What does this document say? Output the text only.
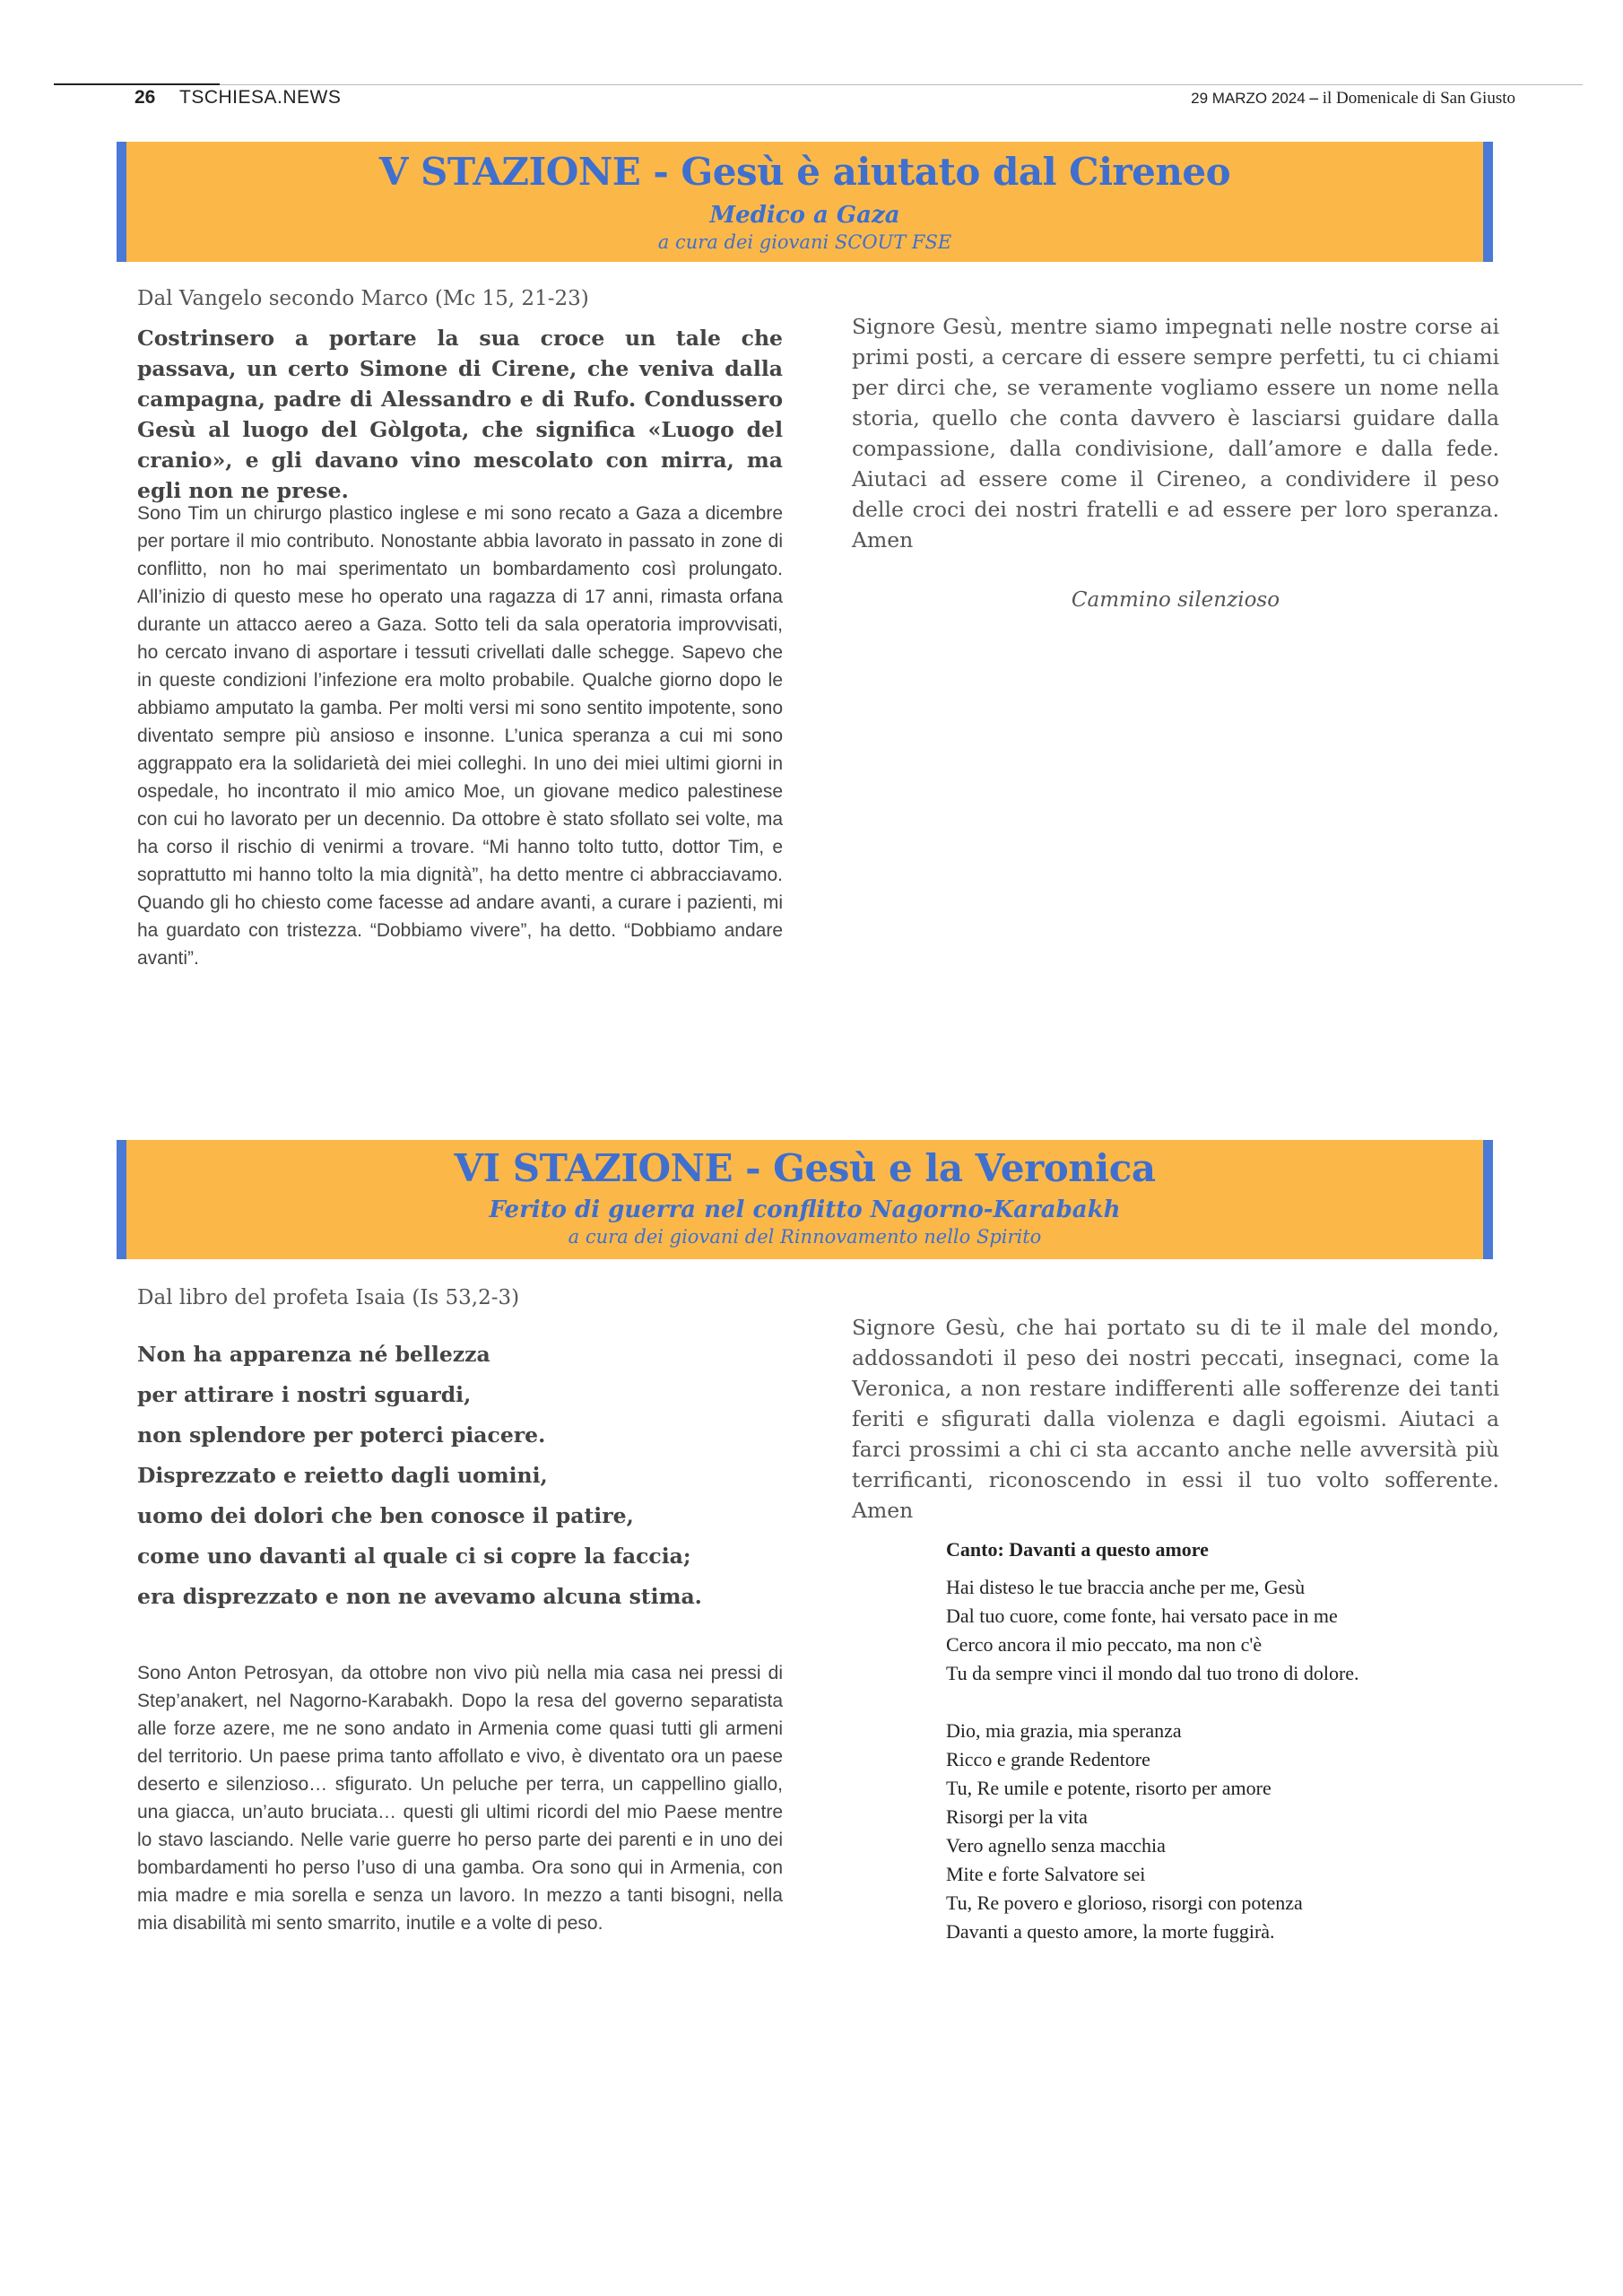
26 TSCHIESA.NEWS	29 MARZO 2024 – il Domenicale di San Giusto
V STAZIONE - Gesù è aiutato dal Cireneo
Medico a Gaza
a cura dei giovani SCOUT FSE
Dal Vangelo secondo Marco (Mc 15, 21-23)
Costrinsero a portare la sua croce un tale che passava, un certo Simone di Cirene, che veniva dalla campagna, padre di Alessandro e di Rufo. Condussero Gesù al luogo del Gòlgota, che significa «Luogo del cranio», e gli davano vino mescolato con mirra, ma egli non ne prese.
Sono Tim un chirurgo plastico inglese e mi sono recato a Gaza a dicembre per portare il mio contributo. Nonostante abbia lavorato in passato in zone di conflitto, non ho mai sperimentato un bombardamento così prolungato. All’inizio di questo mese ho operato una ragazza di 17 anni, rimasta orfana durante un attacco aereo a Gaza. Sotto teli da sala operatoria improvvisati, ho cercato invano di asportare i tessuti crivellati dalle schegge. Sapevo che in queste condizioni l’infezione era molto probabile. Qualche giorno dopo le abbiamo amputato la gamba. Per molti versi mi sono sentito impotente, sono diventato sempre più ansioso e insonne. L’unica speranza a cui mi sono aggrappato era la solidarietà dei miei colleghi. In uno dei miei ultimi giorni in ospedale, ho incontrato il mio amico Moe, un giovane medico palestinese con cui ho lavorato per un decennio. Da ottobre è stato sfollato sei volte, ma ha corso il rischio di venirmi a trovare. “Mi hanno tolto tutto, dottor Tim, e soprattutto mi hanno tolto la mia dignità”, ha detto mentre ci abbracciavamo. Quando gli ho chiesto come facesse ad andare avanti, a curare i pazienti, mi ha guardato con tristezza. “Dobbiamo vivere”, ha detto. “Dobbiamo andare avanti”.
Signore Gesù, mentre siamo impegnati nelle nostre corse ai primi posti, a cercare di essere sempre perfetti, tu ci chiami per dirci che, se veramente vogliamo essere un nome nella storia, quello che conta davvero è lasciarsi guidare dalla compassione, dalla condivisione, dall’amore e dalla fede. Aiutaci ad essere come il Cireneo, a condividere il peso delle croci dei nostri fratelli e ad essere per loro speranza. Amen
Cammino silenzioso
VI STAZIONE - Gesù e la Veronica
Ferito di guerra nel conflitto Nagorno-Karabakh
a cura dei giovani del Rinnovamento nello Spirito
Dal libro del profeta Isaia (Is 53,2-3)
Non ha apparenza né bellezza
per attirare i nostri sguardi,
non splendore per poterci piacere.
Disprezzato e reietto dagli uomini,
uomo dei dolori che ben conosce il patire,
come uno davanti al quale ci si copre la faccia;
era disprezzato e non ne avevamo alcuna stima.
Sono Anton Petrosyan, da ottobre non vivo più nella mia casa nei pressi di Step’anakert, nel Nagorno-Karabakh. Dopo la resa del governo separatista alle forze azere, me ne sono andato in Armenia come quasi tutti gli armeni del territorio. Un paese prima tanto affollato e vivo, è diventato ora un paese deserto e silenzioso… sfigurato. Un peluche per terra, un cappellino giallo, una giacca, un’auto bruciata… questi gli ultimi ricordi del mio Paese mentre lo stavo lasciando. Nelle varie guerre ho perso parte dei parenti e in uno dei bombardamenti ho perso l’uso di una gamba. Ora sono qui in Armenia, con mia madre e mia sorella e senza un lavoro. In mezzo a tanti bisogni, nella mia disabilità mi sento smarrito, inutile e a volte di peso.
Signore Gesù, che hai portato su di te il male del mondo, addossandoti il peso dei nostri peccati, insegnaci, come la Veronica, a non restare indifferenti alle sofferenze dei tanti feriti e sfigurati dalla violenza e dagli egoismi. Aiutaci a farci prossimi a chi ci sta accanto anche nelle avversità più terrificanti, riconoscendo in essi il tuo volto sofferente. Amen
Canto: Davanti a questo amore
Hai disteso le tue braccia anche per me, Gesù
Dal tuo cuore, come fonte, hai versato pace in me
Cerco ancora il mio peccato, ma non c'è
Tu da sempre vinci il mondo dal tuo trono di dolore.
Dio, mia grazia, mia speranza
Ricco e grande Redentore
Tu, Re umile e potente, risorto per amore
Risorgi per la vita
Vero agnello senza macchia
Mite e forte Salvatore sei
Tu, Re povero e glorioso, risorgi con potenza
Davanti a questo amore, la morte fuggirà.
